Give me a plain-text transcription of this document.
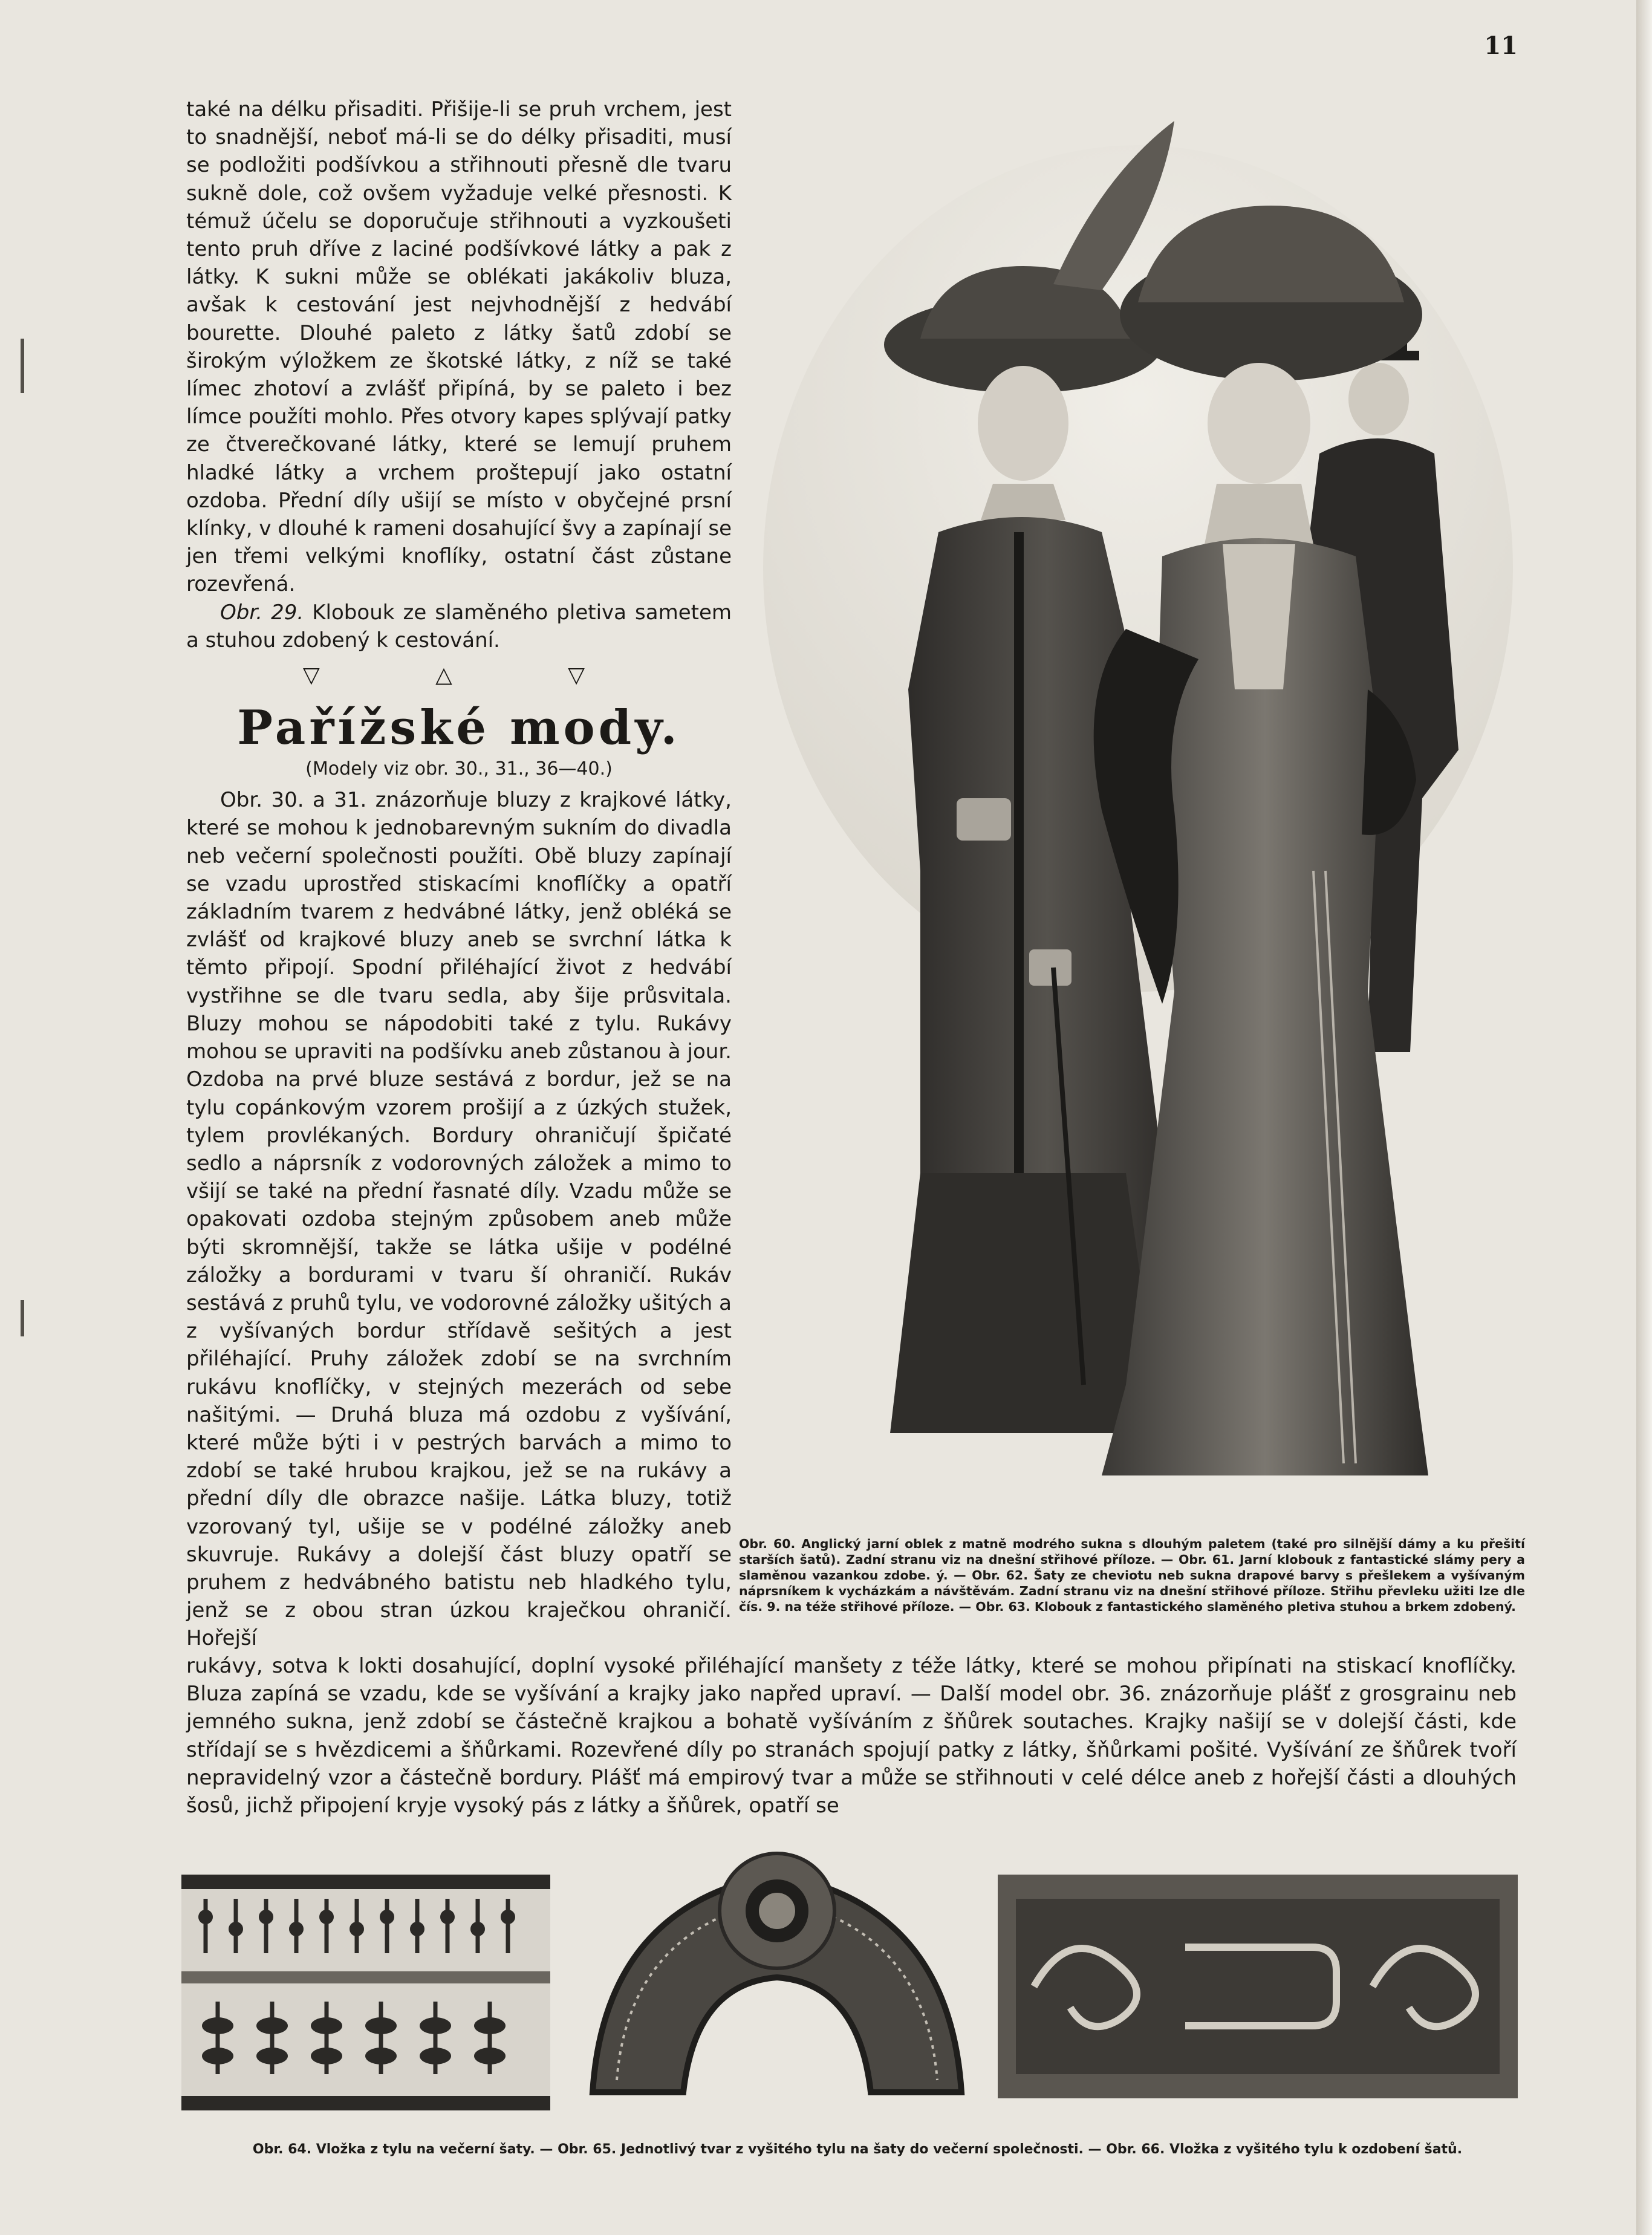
11

také na délku přisaditi. Přišije-li se pruh vrchem, jest to snadnější, neboť má-li se do délky přisaditi, musí se podložiti podšívkou a střihnouti přesně dle tvaru sukně dole, což ovšem vyžaduje velké přesnosti. K témuž účelu se doporučuje střihnouti a vyzkoušeti tento pruh dříve z laciné podšívkové látky a pak z látky. K sukni může se oblékati jakákoliv bluza, avšak k cestování jest nejvhodnější z hedvábí bourette. Dlouhé paleto z látky šatů zdobí se širokým výložkem ze škotské látky, z níž se také límec zhotoví a zvlášť připíná, by se paleto i bez límce použíti mohlo. Přes otvory kapes splývají patky ze čtverečkované látky, které se lemují pruhem hladké látky a vrchem proštepují jako ostatní ozdoba. Přední díly ušijí se místo v obyčejné prsní klínky, v dlouhé k rameni dosahující švy a zapínají se jen třemi velkými knoflíky, ostatní část zůstane rozevřená.

Obr. 29. Klobouk ze slaměného pletiva sametem a stuhou zdobený k cestování.

▽ △ ▽
Pařížské mody.
(Modely viz obr. 30., 31., 36—40.)

Obr. 30. a 31. znázorňuje bluzy z krajkové látky, které se mohou k jednobarevným sukním do divadla neb večerní společnosti použíti. Obě bluzy zapínají se vzadu uprostřed stiskacími knoflíčky a opatří základním tvarem z hedvábné látky, jenž obléká se zvlášť od krajkové bluzy aneb se svrchní látka k těmto připojí. Spodní přiléhající život z hedvábí vystřihne se dle tvaru sedla, aby šije průsvitala. Bluzy mohou se nápodobiti také z tylu. Rukávy mohou se upraviti na podšívku aneb zůstanou à jour. Ozdoba na prvé bluze sestává z bordur, jež se na tylu copánkovým vzorem prošijí a z úzkých stužek, tylem provlékaných. Bordury ohraničují špičaté sedlo a náprsník z vodorovných záložek a mimo to všijí se také na přední řasnaté díly. Vzadu může se opakovati ozdoba stejným způsobem aneb může býti skromnější, takže se látka ušije v podélné záložky a bordurami v tvaru ší ohraničí. Rukáv sestává z pruhů tylu, ve vodorovné záložky ušitých a z vyšívaných bordur střídavě sešitých a jest přiléhající. Pruhy záložek zdobí se na svrchním rukávu knoflíčky, v stejných mezerách od sebe našitými. — Druhá bluza má ozdobu z vyšívání, které může býti i v pestrých barvách a mimo to zdobí se také hrubou krajkou, jež se na rukávy a přední díly dle obrazce našije. Látka bluzy, totiž vzorovaný tyl, ušije se v podélné záložky aneb skuvruje. Rukávy a dolejší část bluzy opatří se pruhem z hedvábného batistu neb hladkého tylu, jenž se z obou stran úzkou kraječkou ohraničí. Hořejší

Obr. 60. Anglický jarní oblek z matně modrého sukna s dlouhým paletem (také pro silnější dámy a ku přešití starších šatů). Zadní stranu viz na dnešní střihové příloze. — Obr. 61. Jarní klobouk z fantastické slámy pery a slaměnou vazankou zdobe. ý. — Obr. 62. Šaty ze cheviotu neb sukna drapové barvy s přešlekem a vyšívaným náprsníkem k vycházkám a návštěvám. Zadní stranu viz na dnešní střihové příloze. Střihu převleku užiti lze dle čís. 9. na téže střihové příloze. — Obr. 63. Klobouk z fantastického slaměného pletiva stuhou a brkem zdobený.
rukávy, sotva k lokti dosahující, doplní vysoké přiléhající manšety z téže látky, které se mohou připínati na stiskací knoflíčky. Bluza zapíná se vzadu, kde se vyšívání a krajky jako napřed upraví. — Další model obr. 36. znázorňuje plášť z grosgrainu neb jemného sukna, jenž zdobí se částečně krajkou a bohatě vyšíváním z šňůrek soutaches. Krajky našijí se v dolejší části, kde střídají se s hvězdicemi a šňůrkami. Rozevřené díly po stranách spojují patky z látky, šňůrkami pošité. Vyšívání ze šňůrek tvoří nepravidelný vzor a částečně bordury. Plášť má empirový tvar a může se střihnouti v celé délce aneb z hořejší části a dlouhých šosů, jichž připojení kryje vysoký pás z látky a šňůrek, opatří se
Obr. 64. Vložka z tylu na večerní šaty. — Obr. 65. Jednotlivý tvar z vyšitého tylu na šaty do večerní společnosti. — Obr. 66. Vložka z vyšitého tylu k ozdobení šatů.
